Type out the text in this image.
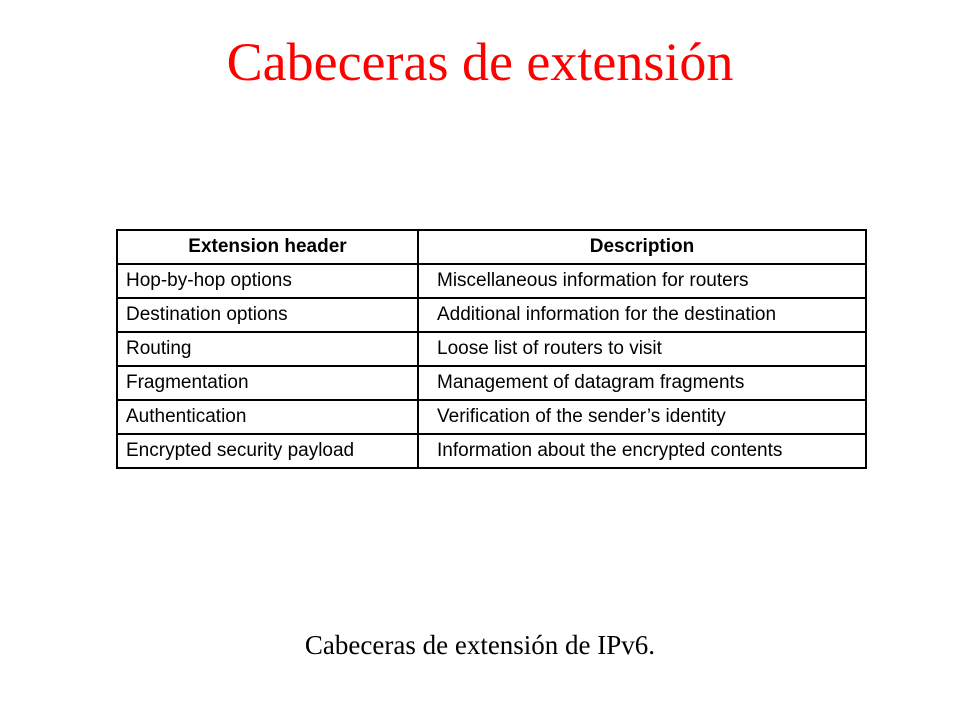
Cabeceras de extensión
Extension header	Description
Hop-by-hop options	Miscellaneous information for routers
Destination options	Additional information for the destination
Routing	Loose list of routers to visit
Fragmentation	Management of datagram fragments
Authentication	Verification of the sender’s identity
Encrypted security payload	Information about the encrypted contents

Cabeceras de extensión de IPv6.
